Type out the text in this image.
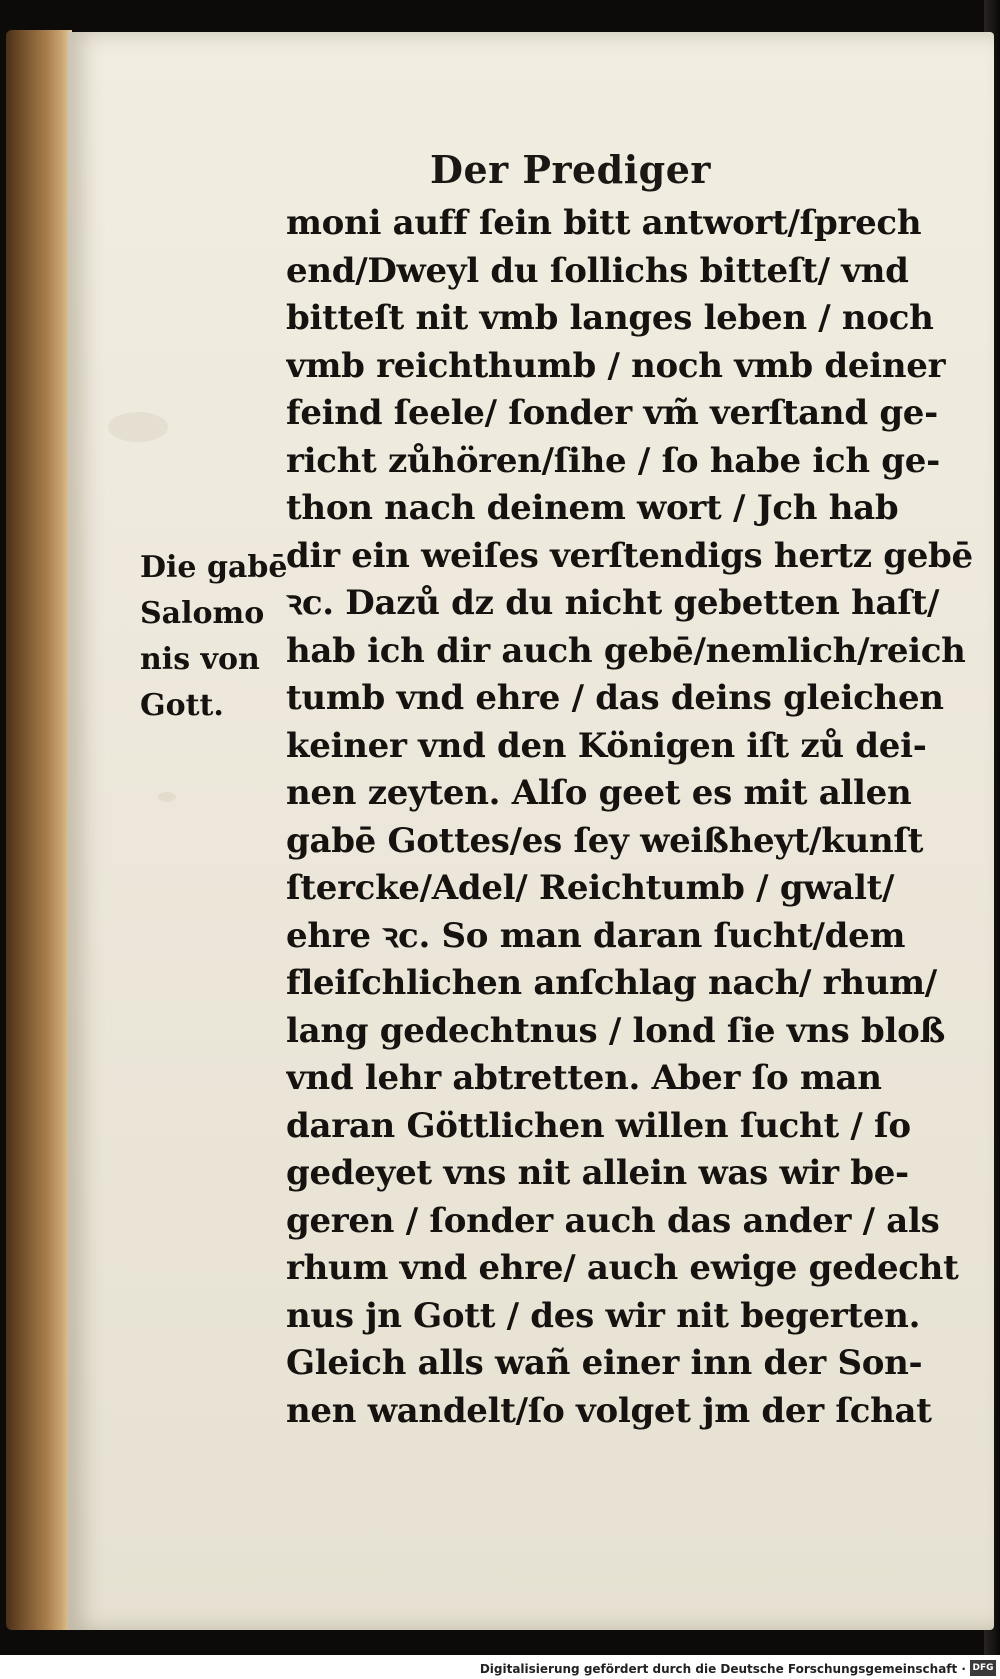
Der Prediger
moni auff ſein bitt antwort/ſprech
end/Dweyl du ſollichs bitteſt/ vnd
bitteſt nit vmb langes leben / noch
vmb reichthumb / noch vmb deiner
feind ſeele/ ſonder vm̃ verſtand ge-
richt zůhören/ſihe / ſo habe ich ge-
thon nach deinem wort / Jch hab
dir ein weiſes verſtendigs hertz gebē
ꝛc. Dazů dz du nicht gebetten haſt/
hab ich dir auch gebē/nemlich/reich
tumb vnd ehre / das deins gleichen
keiner vnd den Königen iſt zů dei-
nen zeyten. Alſo geet es mit allen
gabē Gottes/es ſey weißheyt/kunſt
ſtercke/Adel/ Reichtumb / gwalt/
ehre ꝛc. So man daran ſucht/dem
fleiſchlichen anſchlag nach/ rhum/
lang gedechtnus / lond ſie vns bloß
vnd lehr abtretten. Aber ſo man
daran Göttlichen willen ſucht / ſo
gedeyet vns nit allein was wir be-
geren / ſonder auch das ander / als
rhum vnd ehre/ auch ewige gedecht
nus jn Gott / des wir nit begerten.
Gleich alls wañ einer inn der Son-
nen wandelt/ſo volget jm der ſchat
Die gabē
Salomo
nis von
Gott.
Digitalisierung gefördert durch die Deutsche Forschungsgemeinschaft · DFG
